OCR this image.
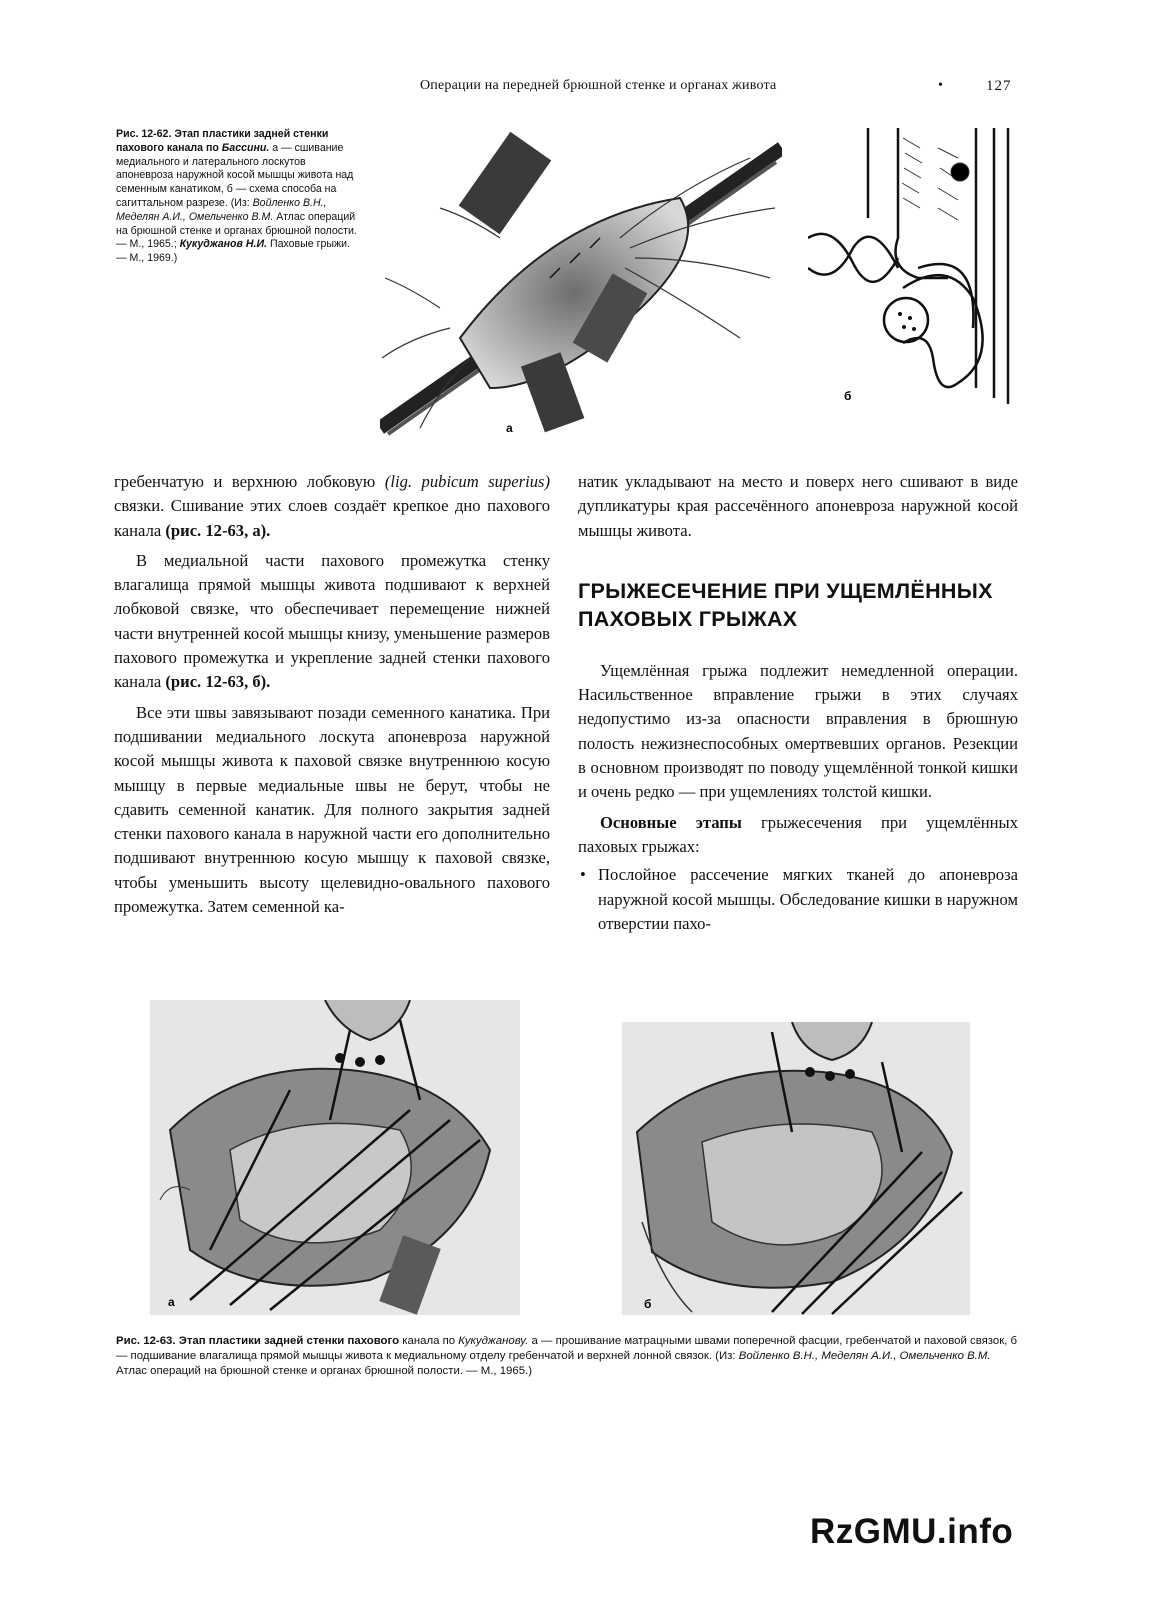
Операции на передней брюшной стенке и органах живота	•	127
Рис. 12-62. Этап пластики задней стенки пахового канала по Бассини. а — сшивание медиального и латерального лоскутов апоневроза наружной косой мышцы живота над семенным канатиком, б — схема способа на сагиттальном разрезе. (Из: Войленко В.Н., Меделян А.И., Омельченко В.М. Атлас операций на брюшной стенке и органах брюшной полости. — М., 1965.; Кукуджанов Н.И. Паховые грыжи. — М., 1969.)
а
б

гребенчатую и верхнюю лобковую (lig. pubicum superius) связки. Сшивание этих слоев создаёт крепкое дно пахового канала (рис. 12-63, а).

В медиальной части пахового промежутка стенку влагалища прямой мышцы живота подшивают к верхней лобковой связке, что обеспечивает перемещение нижней части внутренней косой мышцы книзу, уменьшение размеров пахового промежутка и укрепление задней стенки пахового канала (рис. 12-63, б).

Все эти швы завязывают позади семенного канатика. При подшивании медиального лоскута апоневроза наружной косой мышцы живота к паховой связке внутреннюю косую мышцу в первые медиальные швы не берут, чтобы не сдавить семенной канатик. Для полного закрытия задней стенки пахового канала в наружной части его дополнительно подшивают внутреннюю косую мышцу к паховой связке, чтобы уменьшить высоту щелевидно-овального пахового промежутка. Затем семенной ка-

натик укладывают на место и поверх него сшивают в виде дупликатуры края рассечённого апоневроза наружной косой мышцы живота.

ГРЫЖЕСЕЧЕНИЕ ПРИ УЩЕМЛЁННЫХ ПАХОВЫХ ГРЫЖАХ

Ущемлённая грыжа подлежит немедленной операции. Насильственное вправление грыжи в этих случаях недопустимо из-за опасности вправления в брюшную полость нежизнеспособных омертвевших органов. Резекции в основном производят по поводу ущемлённой тонкой кишки и очень редко — при ущемлениях толстой кишки.

Основные этапы грыжесечения при ущемлённых паховых грыжах:

• Послойное рассечение мягких тканей до апоневроза наружной косой мышцы. Обследование кишки в наружном отверстии пахо-
а	б
Рис. 12-63. Этап пластики задней стенки пахового канала по Кукуджанову. а — прошивание матрацными швами поперечной фасции, гребенчатой и паховой связок, б — подшивание влагалища прямой мышцы живота к медиальному отделу гребенчатой и верхней лонной связок. (Из: Войленко В.Н., Меделян А.И., Омельченко В.М. Атлас операций на брюшной стенке и органах брюшной полости. — М., 1965.)
RzGMU.info
